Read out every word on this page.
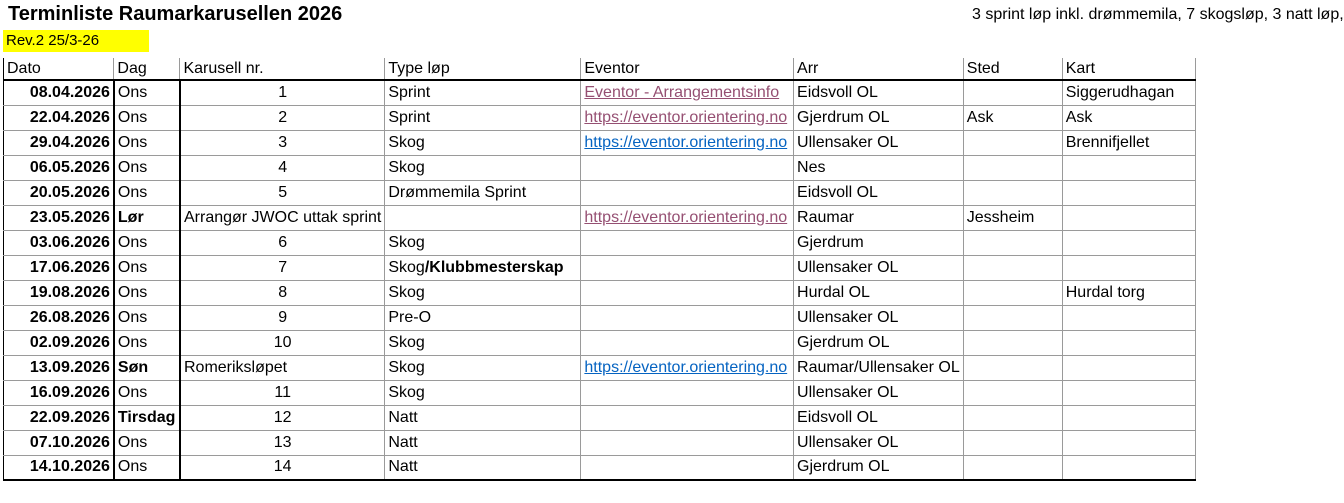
Terminliste Raumarkarusellen 2026	3 sprint løp inkl. drømmemila, 7 skogsløp, 3 natt løp,
Rev.2 25/3-26
Dato	Dag	Karusell nr.	Type løp	Eventor	Arr	Sted	Kart
08.04.2026	Ons	1	Sprint	Eventor - Arrangementsinfo	Eidsvoll OL		Siggerudhagan
22.04.2026	Ons	2	Sprint	https://eventor.orientering.no	Gjerdrum OL	Ask	Ask
29.04.2026	Ons	3	Skog	https://eventor.orientering.no	Ullensaker OL		Brennifjellet
06.05.2026	Ons	4	Skog		Nes		
20.05.2026	Ons	5	Drømmemila Sprint		Eidsvoll OL		
23.05.2026	Lør	Arrangør JWOC uttak sprint		https://eventor.orientering.no	Raumar	Jessheim	
03.06.2026	Ons	6	Skog		Gjerdrum		
17.06.2026	Ons	7	Skog/Klubbmesterskap		Ullensaker OL		
19.08.2026	Ons	8	Skog		Hurdal OL		Hurdal torg
26.08.2026	Ons	9	Pre-O		Ullensaker OL		
02.09.2026	Ons	10	Skog		Gjerdrum OL		
13.09.2026	Søn	Romeriksløpet	Skog	https://eventor.orientering.no	Raumar/Ullensaker OL		
16.09.2026	Ons	11	Skog		Ullensaker OL		
22.09.2026	Tirsdag	12	Natt		Eidsvoll OL		
07.10.2026	Ons	13	Natt		Ullensaker OL		
14.10.2026	Ons	14	Natt		Gjerdrum OL		
